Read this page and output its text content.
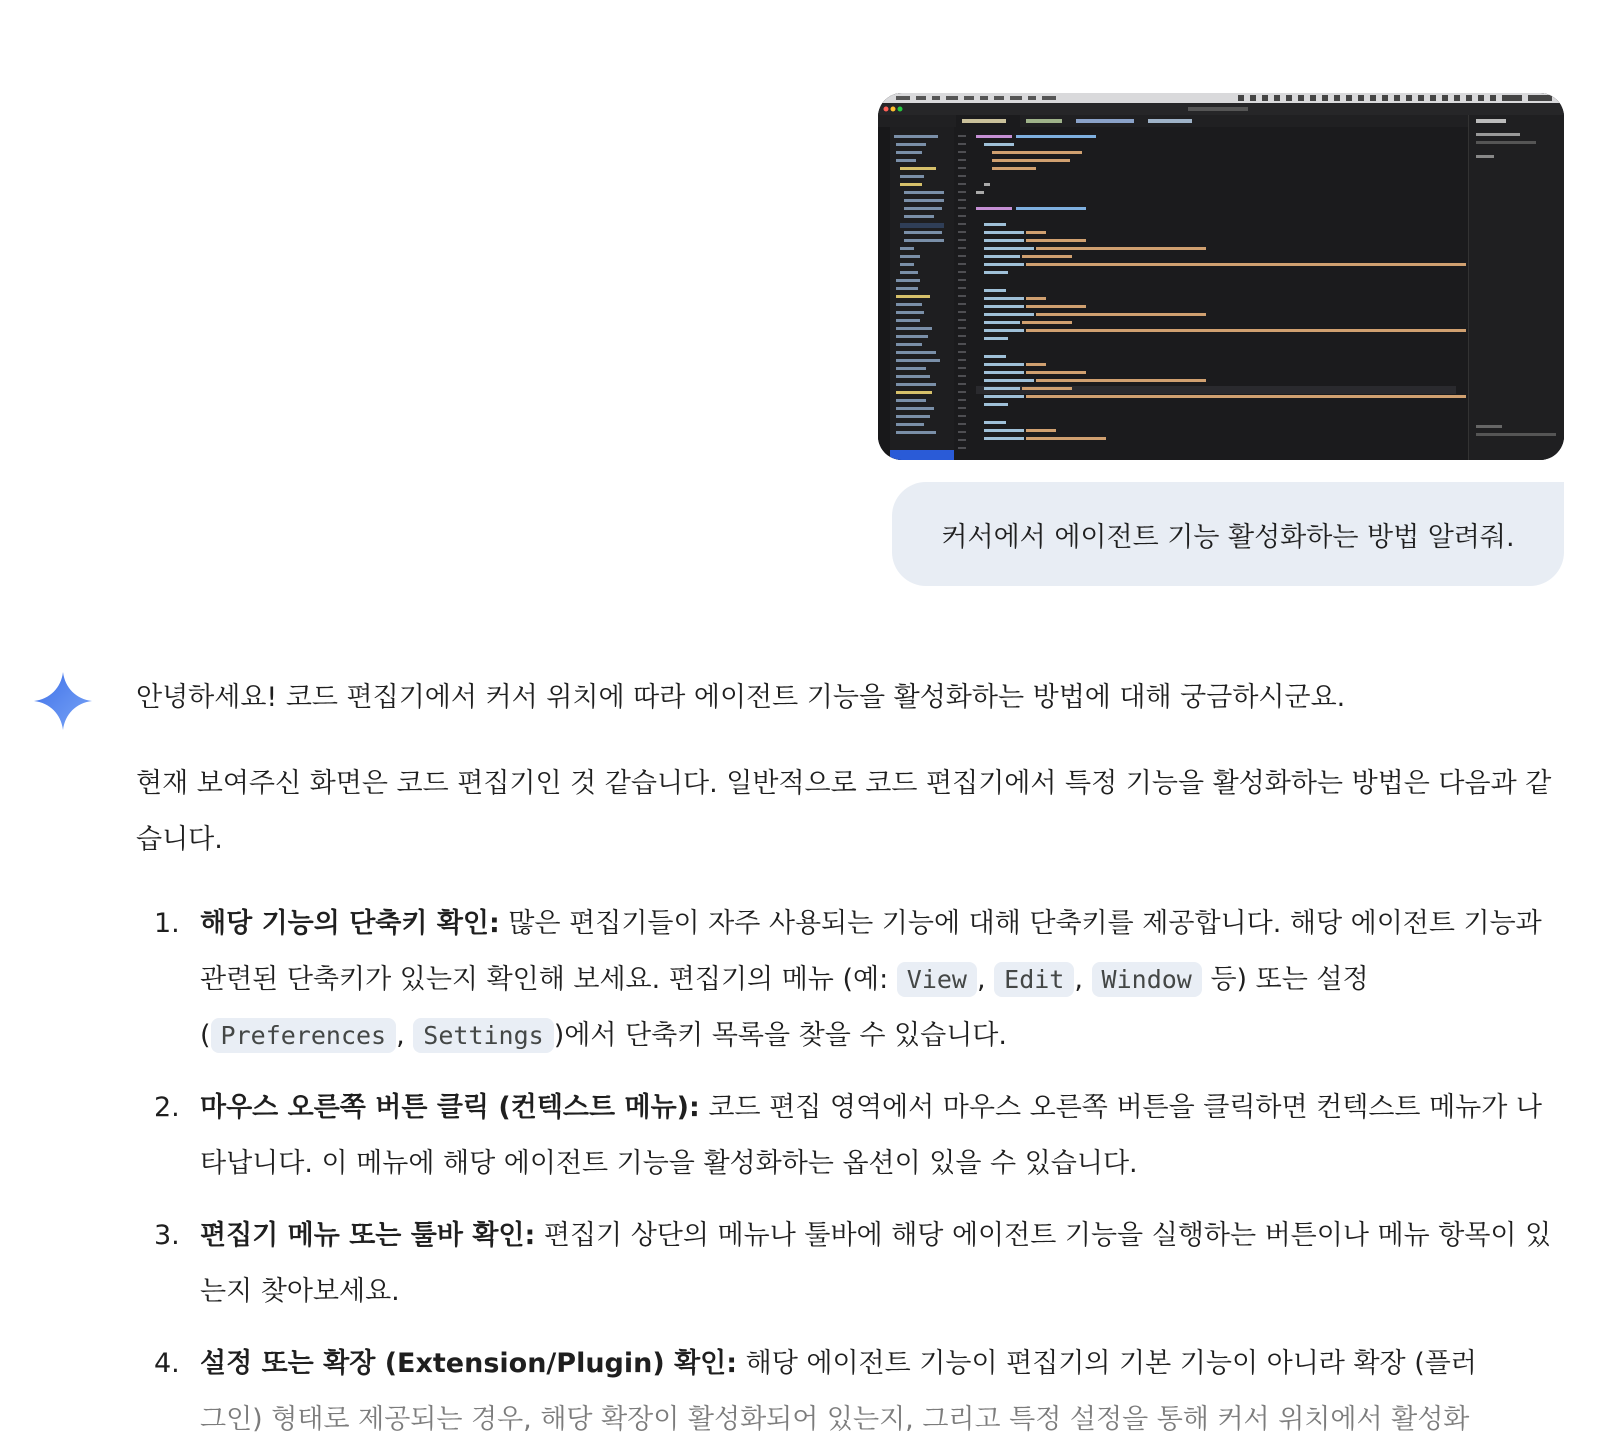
커서에서 에이전트 기능 활성화하는 방법 알려줘.

안녕하세요! 코드 편집기에서 커서 위치에 따라 에이전트 기능을 활성화하는 방법에 대해 궁금하시군요.

현재 보여주신 화면은 코드 편집기인 것 같습니다. 일반적으로 코드 편집기에서 특정 기능을 활성화하는 방법은 다음과 같습니다.

1. 해당 기능의 단축키 확인: 많은 편집기들이 자주 사용되는 기능에 대해 단축키를 제공합니다. 해당 에이전트 기능과 관련된 단축키가 있는지 확인해 보세요. 편집기의 메뉴 (예: View , Edit , Window 등) 또는 설정 ( Preferences , Settings )에서 단축키 목록을 찾을 수 있습니다.
2. 마우스 오른쪽 버튼 클릭 (컨텍스트 메뉴): 코드 편집 영역에서 마우스 오른쪽 버튼을 클릭하면 컨텍스트 메뉴가 나타납니다. 이 메뉴에 해당 에이전트 기능을 활성화하는 옵션이 있을 수 있습니다.
3. 편집기 메뉴 또는 툴바 확인: 편집기 상단의 메뉴나 툴바에 해당 에이전트 기능을 실행하는 버튼이나 메뉴 항목이 있는지 찾아보세요.
4. 설정 또는 확장 (Extension/Plugin) 확인: 해당 에이전트 기능이 편집기의 기본 기능이 아니라 확장 (플러
그인) 형태로 제공되는 경우, 해당 확장이 활성화되어 있는지, 그리고 특정 설정을 통해 커서 위치에서 활성화
